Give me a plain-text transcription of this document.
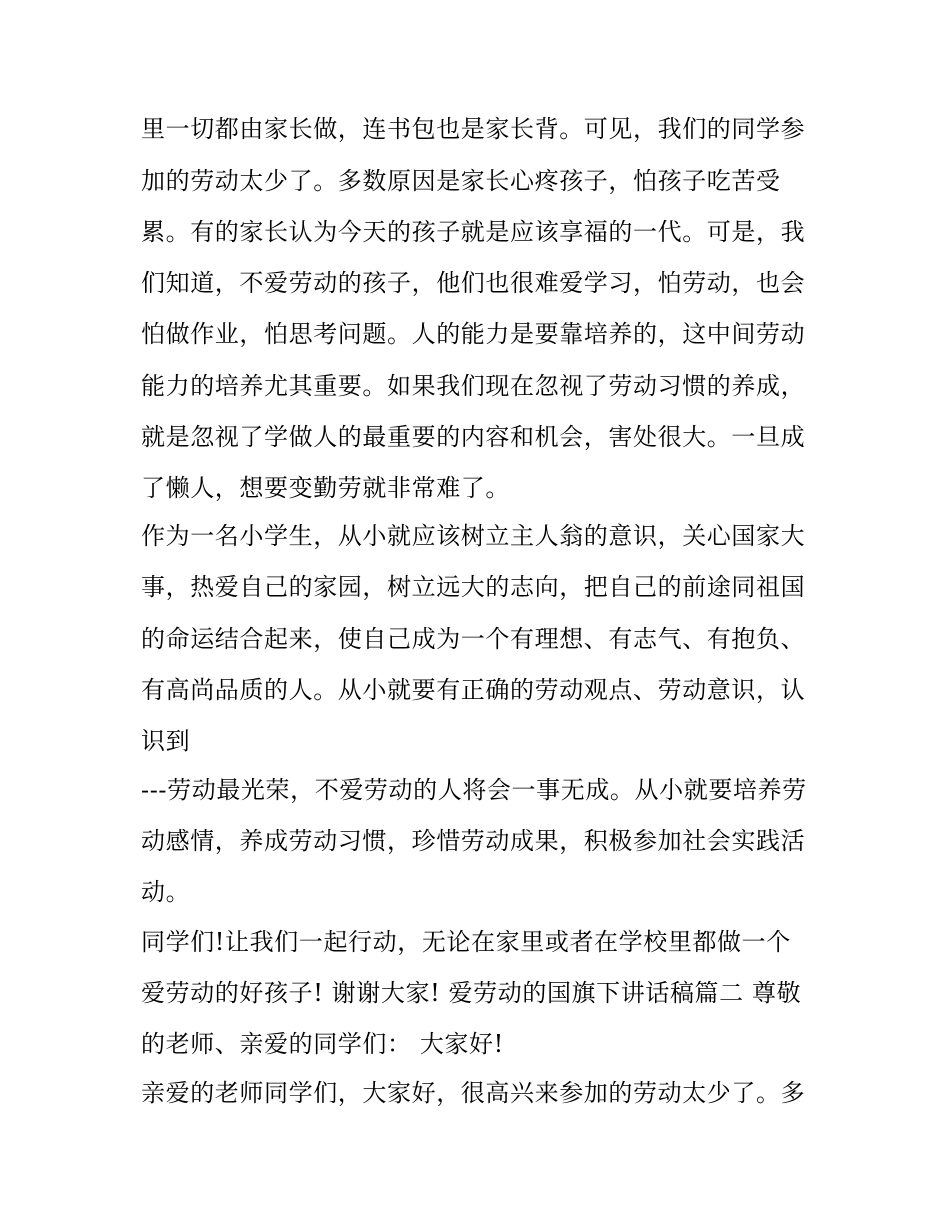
里一切都由家长做，连书包也是家长背。可见，我们的同学参
加的劳动太少了。多数原因是家长心疼孩子，怕孩子吃苦受
累。有的家长认为今天的孩子就是应该享福的一代。可是，我
们知道，不爱劳动的孩子，他们也很难爱学习，怕劳动，也会
怕做作业，怕思考问题。人的能力是要靠培养的，这中间劳动
能力的培养尤其重要。如果我们现在忽视了劳动习惯的养成，
就是忽视了学做人的最重要的内容和机会，害处很大。一旦成
了懒人，想要变勤劳就非常难了。
作为一名小学生，从小就应该树立主人翁的意识，关心国家大
事，热爱自己的家园，树立远大的志向，把自己的前途同祖国
的命运结合起来，使自己成为一个有理想、有志气、有抱负、
有高尚品质的人。从小就要有正确的劳动观点、劳动意识，认
识到
---劳动最光荣，不爱劳动的人将会一事无成。从小就要培养劳
动感情，养成劳动习惯，珍惜劳动成果，积极参加社会实践活
动。
同学们!让我们一起行动，无论在家里或者在学校里都做一个
爱劳动的好孩子! 谢谢大家! 爱劳动的国旗下讲话稿篇二 尊敬
的老师、亲爱的同学们： 大家好!
亲爱的老师同学们，大家好，很高兴来参加的劳动太少了。多
